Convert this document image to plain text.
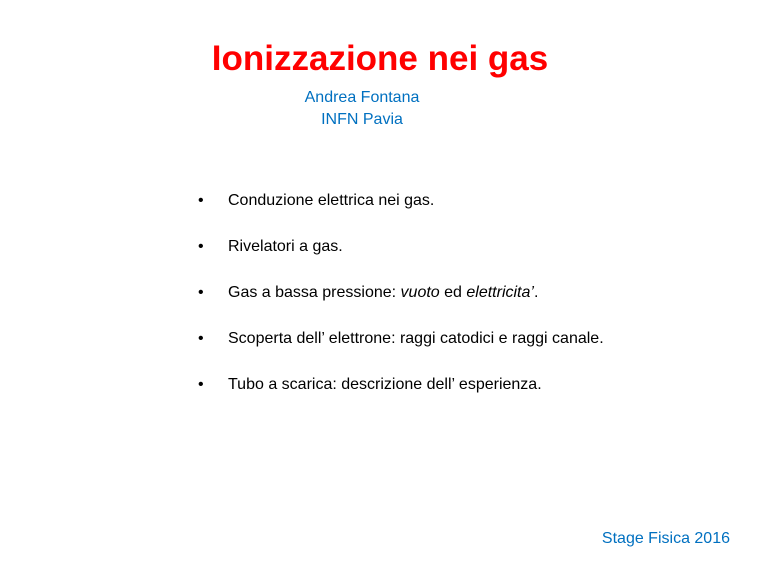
Ionizzazione nei gas
Andrea Fontana
INFN Pavia
•	Conduzione elettrica nei gas.
•	Rivelatori a gas.
•	Gas a bassa pressione: vuoto ed elettricita’.
•	Scoperta dell’ elettrone: raggi catodici e raggi canale.
•	Tubo a scarica: descrizione dell’ esperienza.
Stage Fisica 2016
